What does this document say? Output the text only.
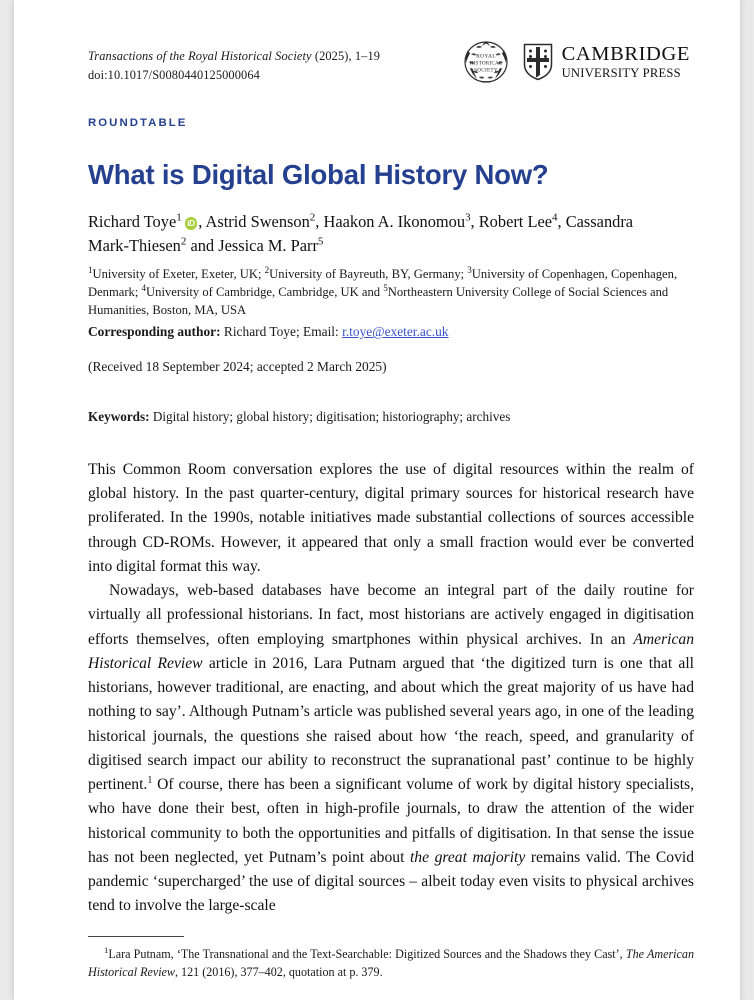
Transactions of the Royal Historical Society (2025), 1–19
doi:10.1017/S0080440125000064
ROYAL
HISTORICAL
SOCIETY
CAMBRIDGE
UNIVERSITY PRESS
ROUNDTABLE
What is Digital Global History Now?
Richard Toye$^1$ iD , Astrid Swenson$^2$, Haakon A. Ikonomou$^3$, Robert Lee$^4$, Cassandra Mark-Thiesen$^2$ and Jessica M. Parr$^5$
$^1$University of Exeter, Exeter, UK; $^2$University of Bayreuth, BY, Germany; $^3$University of Copenhagen, Copenhagen, Denmark; $^4$University of Cambridge, Cambridge, UK and $^5$Northeastern University College of Social Sciences and Humanities, Boston, MA, USA
Corresponding author: Richard Toye; Email: r.toye@exeter.ac.uk
(Received 18 September 2024; accepted 2 March 2025)
Keywords: Digital history; global history; digitisation; historiography; archives

This Common Room conversation explores the use of digital resources within the realm of global history. In the past quarter-century, digital primary sources for historical research have proliferated. In the 1990s, notable initiatives made substantial collections of sources accessible through CD-ROMs. However, it appeared that only a small fraction would ever be converted into digital format this way.

Nowadays, web-based databases have become an integral part of the daily routine for virtually all professional historians. In fact, most historians are actively engaged in digitisation efforts themselves, often employing smartphones within physical archives. In an American Historical Review article in 2016, Lara Putnam argued that ‘the digitized turn is one that all historians, however traditional, are enacting, and about which the great majority of us have had nothing to say’. Although Putnam’s article was published several years ago, in one of the leading historical journals, the questions she raised about how ‘the reach, speed, and granularity of digitised search impact our ability to reconstruct the supranational past’ continue to be highly pertinent.$^1$ Of course, there has been a significant volume of work by digital history specialists, who have done their best, often in high-profile journals, to draw the attention of the wider historical community to both the opportunities and pitfalls of digitisation. In that sense the issue has not been neglected, yet Putnam’s point about the great majority remains valid. The Covid pandemic ‘supercharged’ the use of digital sources – albeit today even visits to physical archives tend to involve the large-scale

$^1$Lara Putnam, ‘The Transnational and the Text-Searchable: Digitized Sources and the Shadows they Cast’, The American Historical Review, 121 (2016), 377–402, quotation at p. 379.
